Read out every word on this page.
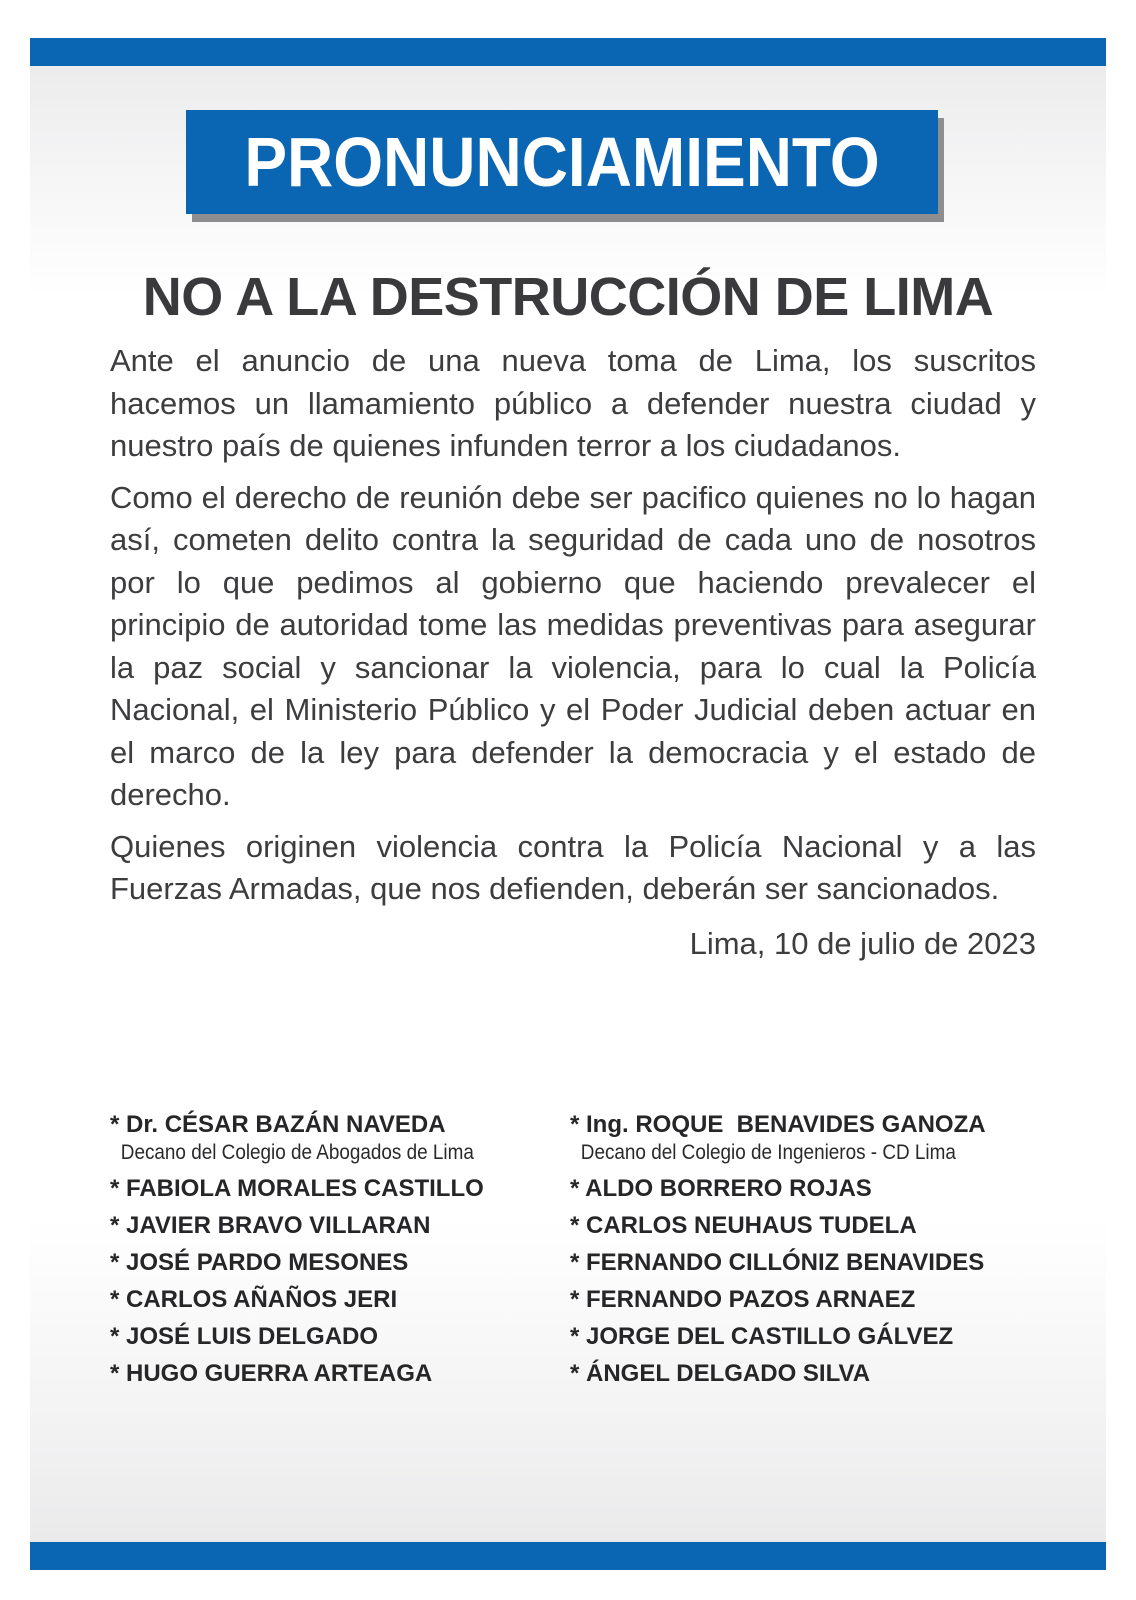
PRONUNCIAMIENTO
NO A LA DESTRUCCIÓN DE LIMA

Ante el anuncio de una nueva toma de Lima, los suscritos hacemos un llamamiento público a defender nuestra ciudad y nuestro país de quienes infunden terror a los ciudadanos.

Como el derecho de reunión debe ser pacifico quienes no lo hagan así, cometen delito contra la seguridad de cada uno de nosotros por lo que pedimos al gobierno que haciendo prevalecer el principio de autoridad tome las medidas preventivas para asegurar la paz social y sancionar la violencia, para lo cual la Policía Nacional, el Ministerio Público y el Poder Judicial deben actuar en el marco de la ley para defender la democracia y el estado de derecho.

Quienes originen violencia contra la Policía Nacional y a las Fuerzas Armadas, que nos defienden, deberán ser sancionados.

Lima, 10 de julio de 2023
* Dr. CÉSAR BAZÁN NAVEDA
Decano del Colegio de Abogados de Lima
* FABIOLA MORALES CASTILLO
* JAVIER BRAVO VILLARAN
* JOSÉ PARDO MESONES
* CARLOS AÑAÑOS JERI
* JOSÉ LUIS DELGADO
* HUGO GUERRA ARTEAGA
* Ing. ROQUE  BENAVIDES GANOZA
Decano del Colegio de Ingenieros - CD Lima
* ALDO BORRERO ROJAS
* CARLOS NEUHAUS TUDELA
* FERNANDO CILLÓNIZ BENAVIDES
* FERNANDO PAZOS ARNAEZ
* JORGE DEL CASTILLO GÁLVEZ
* ÁNGEL DELGADO SILVA
